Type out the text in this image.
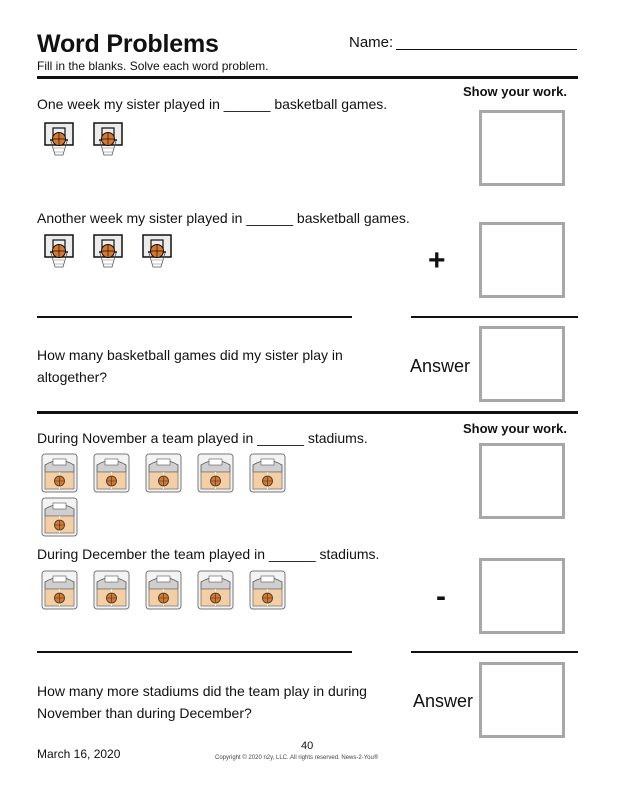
Word Problems	Name:
Fill in the blanks. Solve each word problem.
Show your work.
One week my sister played in ______ basketball games.
Another week my sister played in ______ basketball games.
+
How many basketball games did my sister play in
altogether?
Answer
Show your work.
During November a team played in ______ stadiums.
During December the team played in ______ stadiums.
-
How many more stadiums did the team play in during
November than during December?
Answer
March 16, 2020
40
Copyright © 2020 n2y, LLC. All rights reserved. News-2-You®
